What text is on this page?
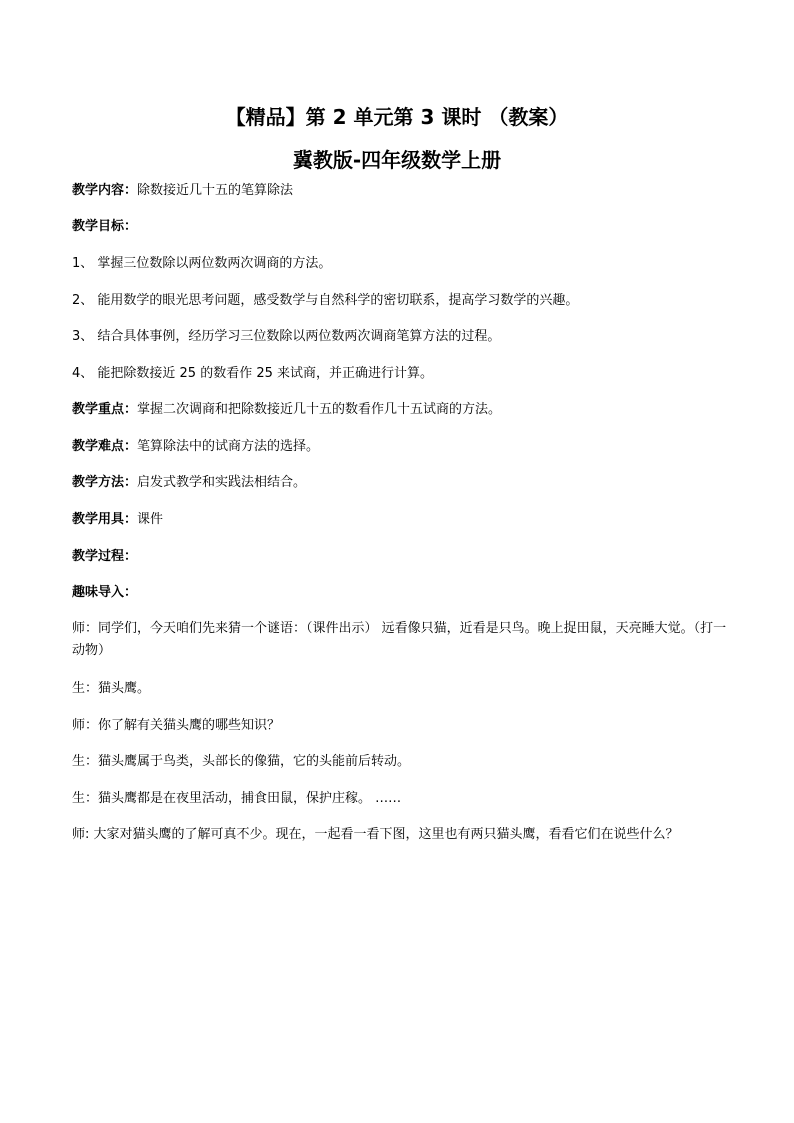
【精品】第 2 单元第 3 课时 （教案）
冀教版-四年级数学上册
教学内容：除数接近几十五的笔算除法
教学目标：
1、 掌握三位数除以两位数两次调商的方法。
2、 能用数学的眼光思考问题，感受数学与自然科学的密切联系，提高学习数学的兴趣。
3、 结合具体事例，经历学习三位数除以两位数两次调商笔算方法的过程。
4、 能把除数接近 25 的数看作 25 来试商，并正确进行计算。
教学重点：掌握二次调商和把除数接近几十五的数看作几十五试商的方法。
教学难点：笔算除法中的试商方法的选择。
教学方法：启发式教学和实践法相结合。
教学用具：课件
教学过程：
趣味导入：
师：同学们，今天咱们先来猜一个谜语：（课件出示） 远看像只猫，近看是只鸟。晚上捉田鼠，天亮睡大觉。（打一动物）
生：猫头鹰。
师：你了解有关猫头鹰的哪些知识？
生：猫头鹰属于鸟类，头部长的像猫，它的头能前后转动。
生：猫头鹰都是在夜里活动，捕食田鼠，保护庄稼。 ……
师: 大家对猫头鹰的了解可真不少。现在，一起看一看下图，这里也有两只猫头鹰，看看它们在说些什么？
